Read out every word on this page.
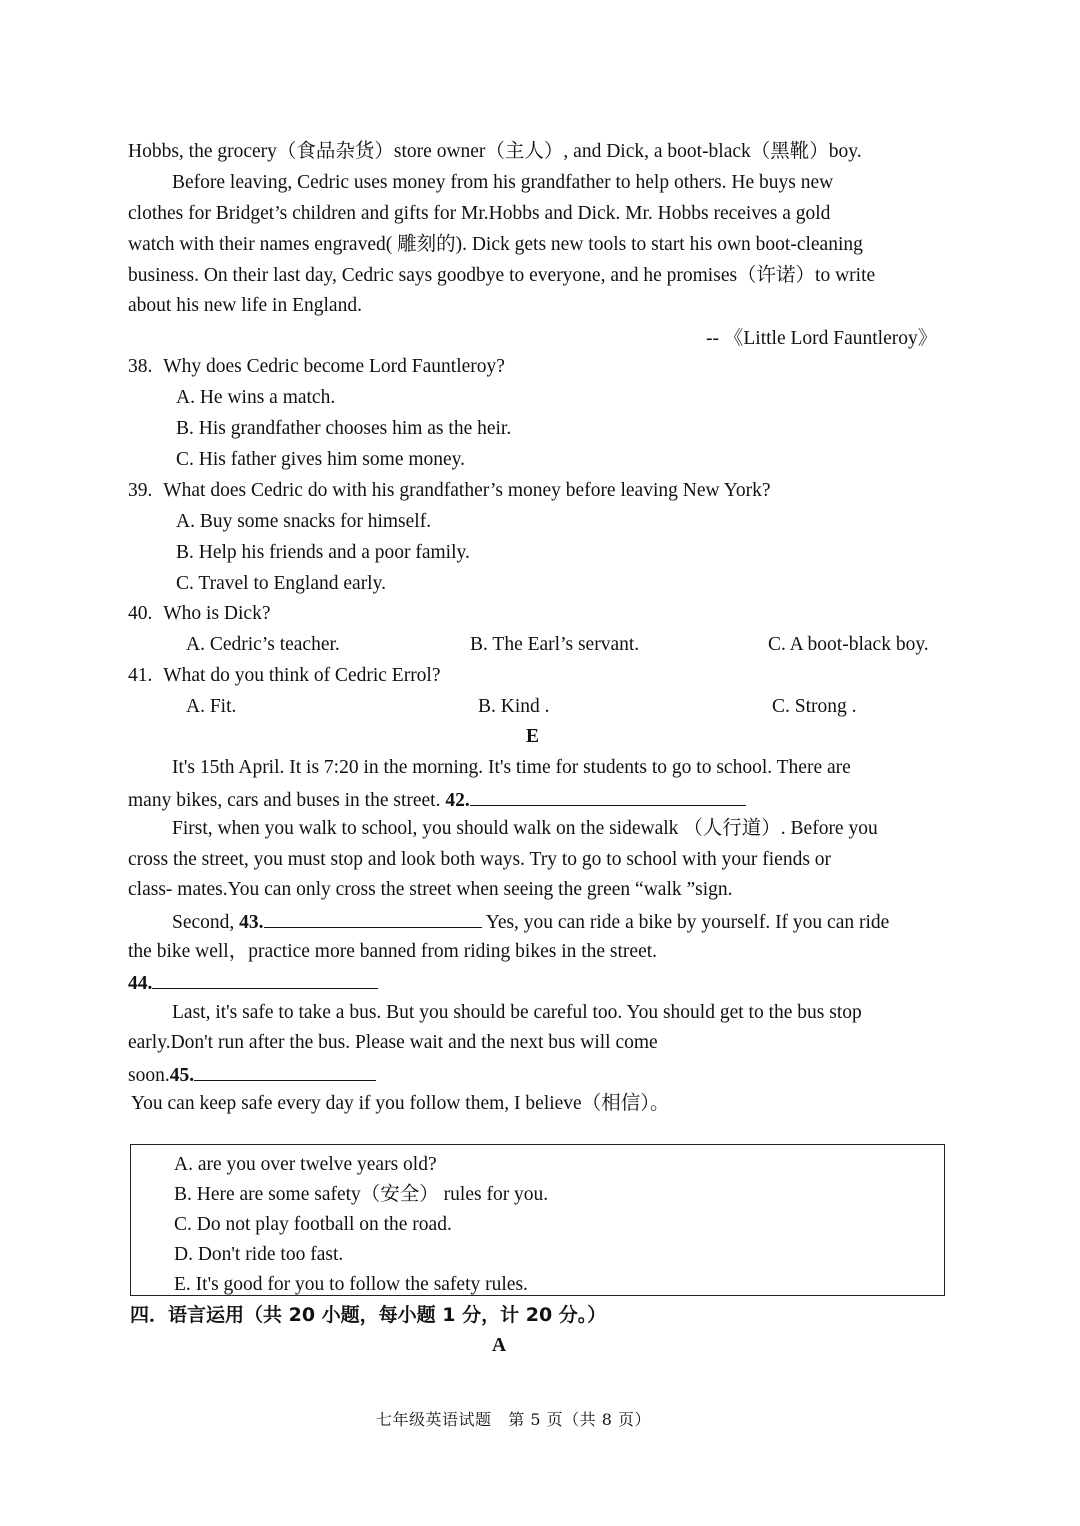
Hobbs, the grocery（食品杂货）store owner（主人）, and Dick, a boot-black（黑靴）boy.
Before leaving, Cedric uses money from his grandfather to help others. He buys new
clothes for Bridget’s children and gifts for Mr.Hobbs and Dick. Mr. Hobbs receives a gold
watch with their names engraved( 雕刻的). Dick gets new tools to start his own boot-cleaning
business. On their last day, Cedric says goodbye to everyone, and he promises（许诺）to write
about his new life in England.
-- 《Little Lord Fauntleroy》
38. Why does Cedric become Lord Fauntleroy?
A. He wins a match.
B. His grandfather chooses him as the heir.
C. His father gives him some money.
39. What does Cedric do with his grandfather’s money before leaving New York?
A. Buy some snacks for himself.
B. Help his friends and a poor family.
C. Travel to England early.
40. Who is Dick?
A. Cedric’s teacher.	B. The Earl’s servant.	C. A boot-black boy.
41. What do you think of Cedric Errol?
A. Fit.	B. Kind .	C. Strong .
E
It's 15th April. It is 7:20 in the morning. It's time for students to go to school. There are
many bikes, cars and buses in the street. 42.
First, when you walk to school, you should walk on the sidewalk （人行道）. Before you
cross the street, you must stop and look both ways. Try to go to school with your fiends or
class- mates.You can only cross the street when seeing the green “walk ”sign.
Second, 43.	Yes, you can ride a bike by yourself. If you can ride
the bike well，practice more banned from riding bikes in the street.
44.
Last, it's safe to take a bus. But you should be careful too. You should get to the bus stop
early.Don't run after the bus. Please wait and the next bus will come
soon.45.
You can keep safe every day if you follow them, I believe（相信）。
A. are you over twelve years old?
B. Here are some safety（安全） rules for you.
C. Do not play football on the road.
D. Don't ride too fast.
E. It's good for you to follow the safety rules.
四．语言运用（共 20 小题，每小题 1 分，计 20 分。）
A
七年级英语试题   第 5 页（共 8 页）
